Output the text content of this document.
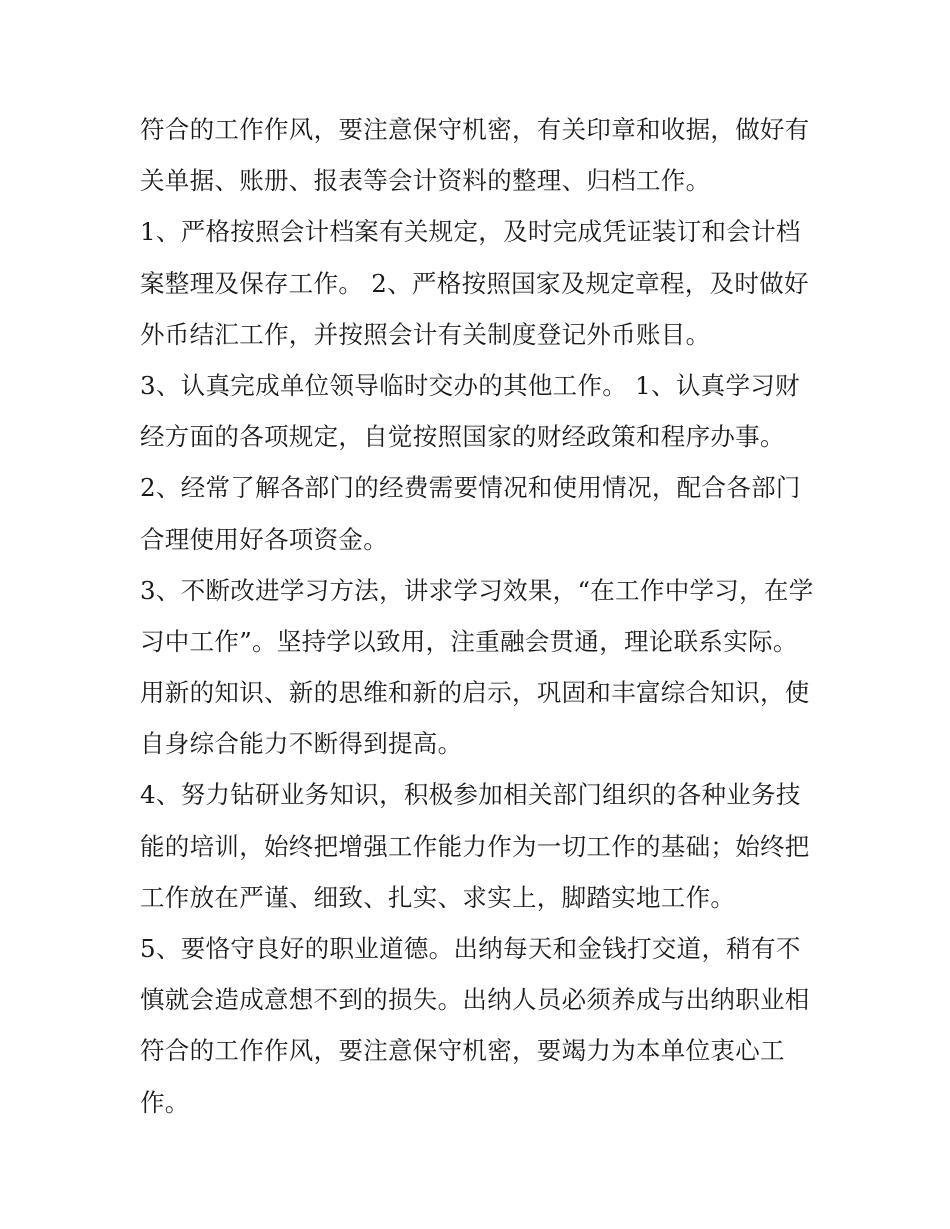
符合的工作作风，要注意保守机密，有关印章和收据，做好有
关单据、账册、报表等会计资料的整理、归档工作。
1、严格按照会计档案有关规定，及时完成凭证装订和会计档
案整理及保存工作。 2、严格按照国家及规定章程，及时做好
外币结汇工作，并按照会计有关制度登记外币账目。
3、认真完成单位领导临时交办的其他工作。 1、认真学习财
经方面的各项规定，自觉按照国家的财经政策和程序办事。
2、经常了解各部门的经费需要情况和使用情况，配合各部门
合理使用好各项资金。
3、不断改进学习方法，讲求学习效果，“在工作中学习，在学
习中工作”。坚持学以致用，注重融会贯通，理论联系实际。
用新的知识、新的思维和新的启示，巩固和丰富综合知识，使
自身综合能力不断得到提高。
4、努力钻研业务知识，积极参加相关部门组织的各种业务技
能的培训，始终把增强工作能力作为一切工作的基础；始终把
工作放在严谨、细致、扎实、求实上，脚踏实地工作。
5、要恪守良好的职业道德。出纳每天和金钱打交道，稍有不
慎就会造成意想不到的损失。出纳人员必须养成与出纳职业相
符合的工作作风，要注意保守机密，要竭力为本单位衷心工
作。
